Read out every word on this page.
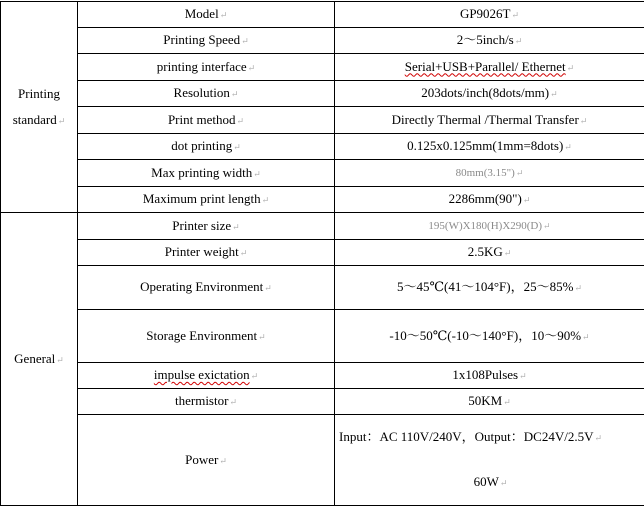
Printing
standard↵	Model↵	GP9026T↵
	Printing Speed↵	2～5inch/s↵
	printing interface↵	Serial+USB+Parallel/ Ethernet↵
	Resolution↵	203dots/inch(8dots/mm)↵
	Print method↵	Directly Thermal /Thermal Transfer↵
	dot printing↵	0.125x0.125mm(1mm=8dots)↵
	Max printing width↵	80mm(3.15")↵
	Maximum print length↵	2286mm(90")↵
General↵	Printer size↵	195(W)X180(H)X290(D)↵
	Printer weight↵	2.5KG↵
	Operating Environment↵	5～45℃(41～104°F)，25～85%↵
	Storage Environment↵	-10～50℃(-10～140°F)，10～90%↵
	impulse exictation↵	1x108Pulses↵
	thermistor↵	50KM↵
	Power↵	Input：AC 110V/240V，Output：DC24V/2.5V↵
60W↵
